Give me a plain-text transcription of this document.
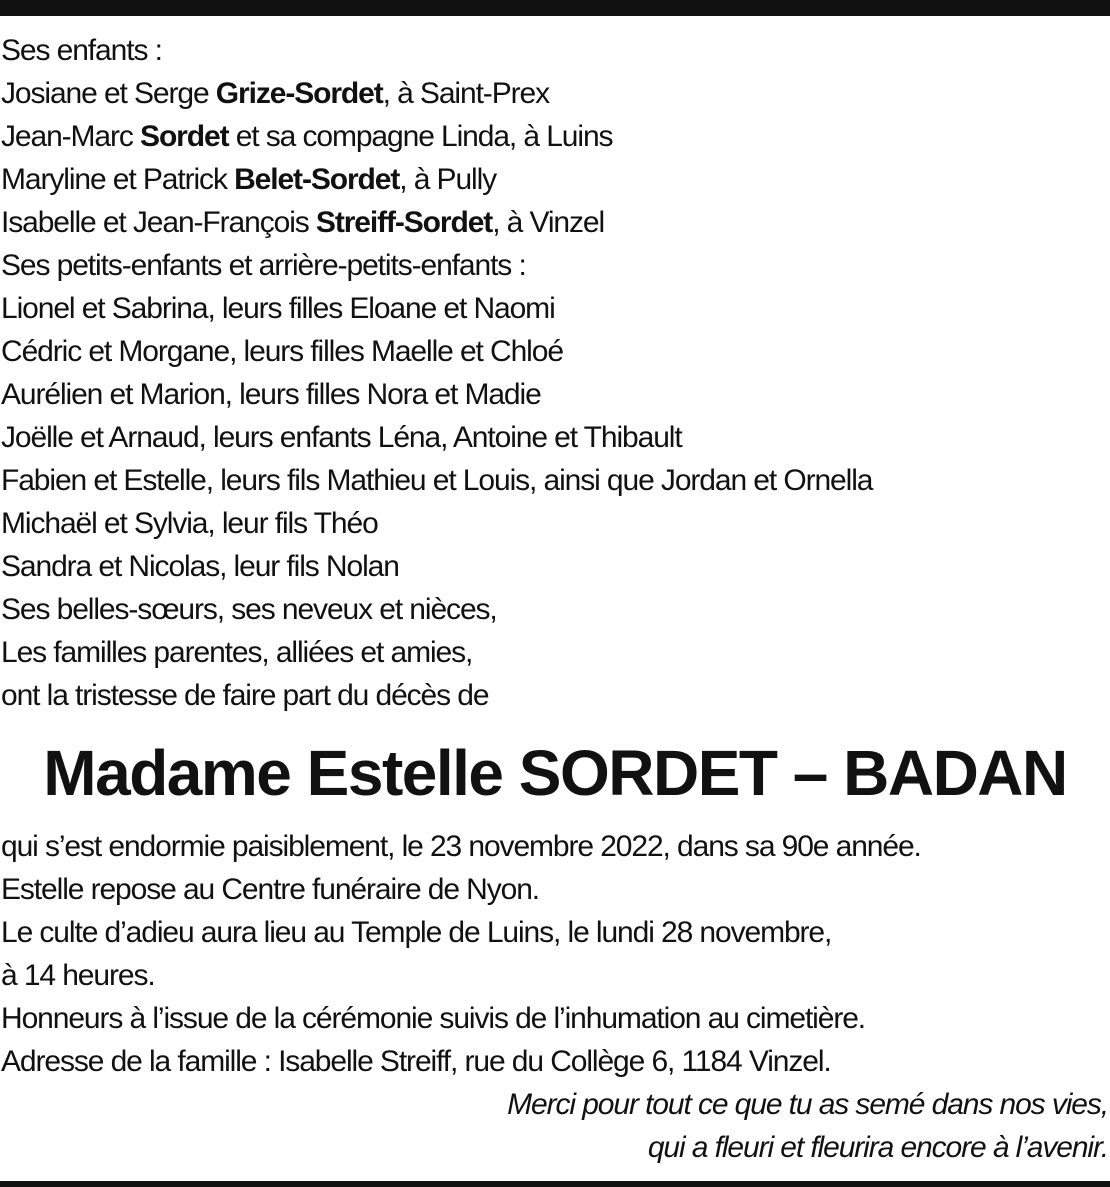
Ses enfants :
Josiane et Serge Grize-Sordet, à Saint-Prex
Jean-Marc Sordet et sa compagne Linda, à Luins
Maryline et Patrick Belet-Sordet, à Pully
Isabelle et Jean-François Streiff-Sordet, à Vinzel
Ses petits-enfants et arrière-petits-enfants :
Lionel et Sabrina, leurs filles Eloane et Naomi
Cédric et Morgane, leurs filles Maelle et Chloé
Aurélien et Marion, leurs filles Nora et Madie
Joëlle et Arnaud, leurs enfants Léna, Antoine et Thibault
Fabien et Estelle, leurs fils Mathieu et Louis, ainsi que Jordan et Ornella
Michaël et Sylvia, leur fils Théo
Sandra et Nicolas, leur fils Nolan
Ses belles-sœurs, ses neveux et nièces,
Les familles parentes, alliées et amies,
ont la tristesse de faire part du décès de
Madame Estelle SORDET – BADAN
qui s’est endormie paisiblement, le 23 novembre 2022, dans sa 90e année.
Estelle repose au Centre funéraire de Nyon.
Le culte d’adieu aura lieu au Temple de Luins, le lundi 28 novembre,
à 14 heures.
Honneurs à l’issue de la cérémonie suivis de l’inhumation au cimetière.
Adresse de la famille : Isabelle Streiff, rue du Collège 6, 1184 Vinzel.
Merci pour tout ce que tu as semé dans nos vies,
qui a fleuri et fleurira encore à l’avenir.
